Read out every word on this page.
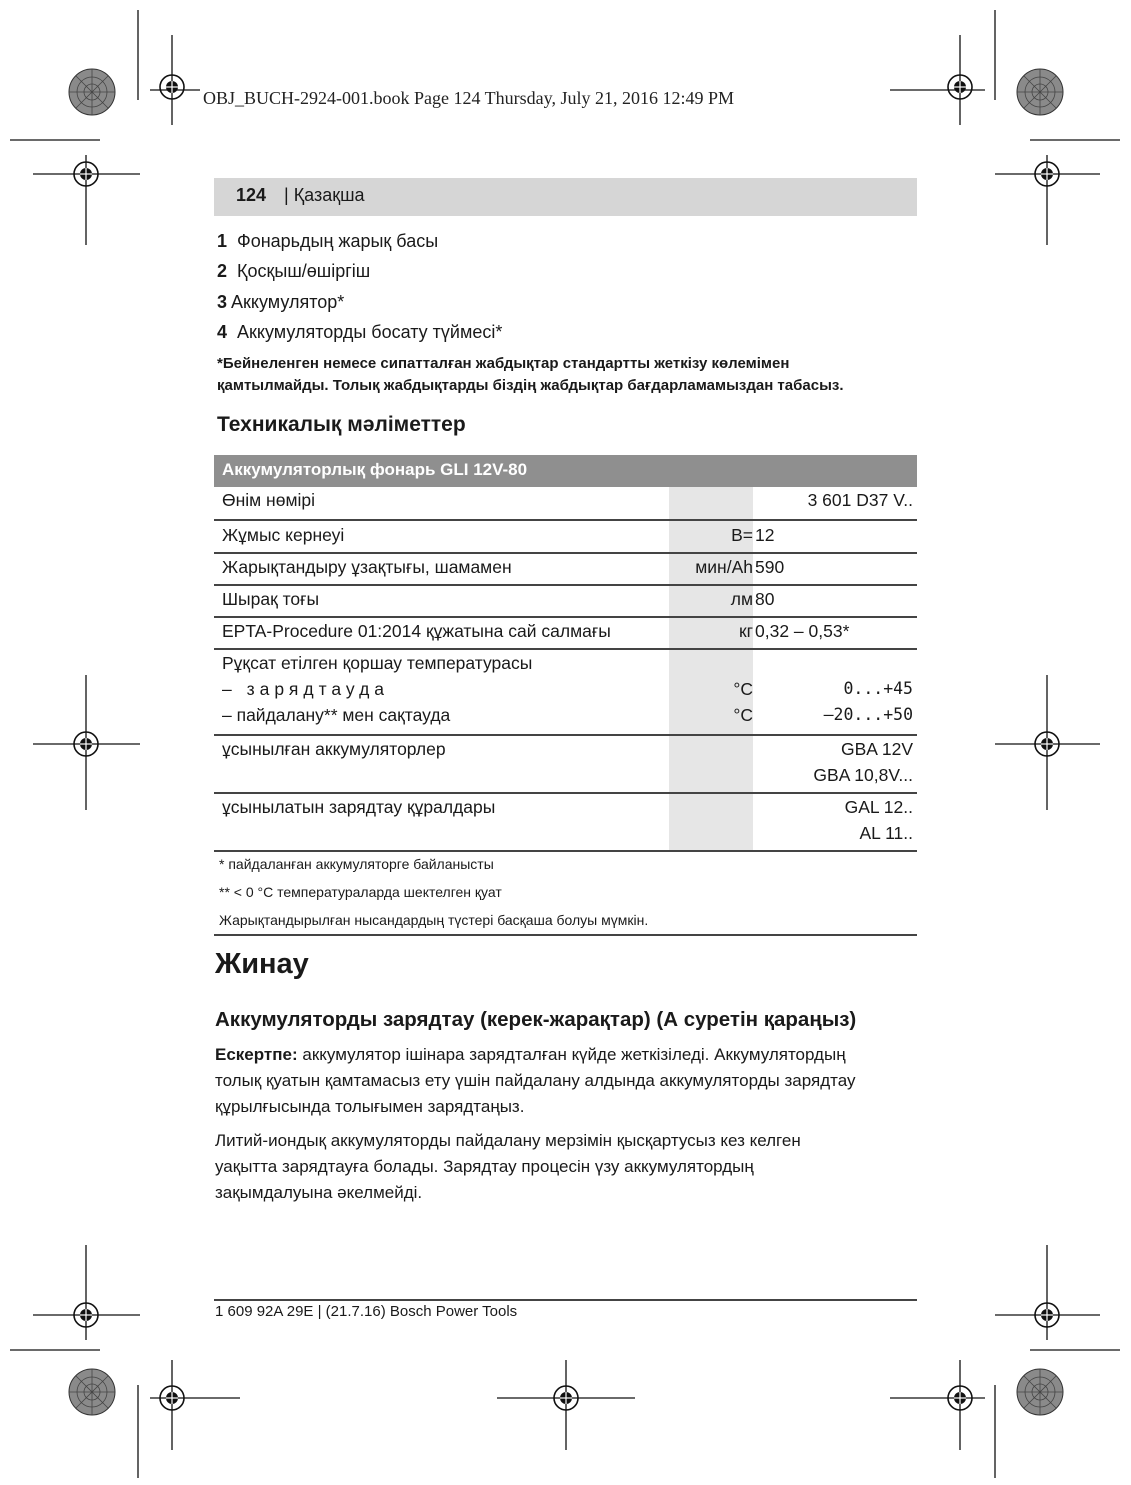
OBJ_BUCH-2924-001.book Page 124 Thursday, July 21, 2016 12:49 PM
124 | Қазақша
1 Фонарьдың жарық басы
2 Қосқыш/өшіргіш
3 Аккумулятор*
4 Аккумуляторды босату түймесі*
*Бейнеленген немесе сипатталған жабдықтар стандартты жеткізу көлемімен
қамтылмайды. Толық жабдықтарды біздің жабдықтар бағдарламамыздан табасыз.
Техникалық мәліметтер
Аккумуляторлық фонарь GLI 12V-80
Өнім нөмірі	3 601 D37 V..
Жұмыс кернеуі	В= 12
Жарықтандыру ұзақтығы, шамамен	мин/Ah 590
Шырақ тоғы	лм 80
EPTA-Procedure 01:2014 құжатына сай салмағы	кг 0,32 – 0,53*
Рұқсат етілген қоршау температурасы
– зарядтауда	°C	0...+45
– пайдалану** мен сақтауда	°C	–20...+50
ұсынылған аккумуляторлер	GBA 12V
GBA 10,8V...
ұсынылатын зарядтау құралдары	GAL 12..
AL 11..
* пайдаланған аккумуляторге байланысты
** < 0 °C температураларда шектелген қуат
Жарықтандырылған нысандардың түстері басқаша болуы мүмкін.
Жинау
Аккумуляторды зарядтау (керек-жарақтар) (А суретін қараңыз)
Ескертпе: аккумулятор ішінара зарядталған күйде жеткізіледі. Аккумулятордың
толық қуатын қамтамасыз ету үшін пайдалану алдында аккумуляторды зарядтау
құрылғысында толығымен зарядтаңыз.
Литий-иондық аккумуляторды пайдалану мерзімін қысқартусыз кез келген
уақытта зарядтауға болады. Зарядтау процесін үзу аккумулятордың
зақымдалуына әкелмейді.
1 609 92A 29E | (21.7.16) Bosch Power Tools
